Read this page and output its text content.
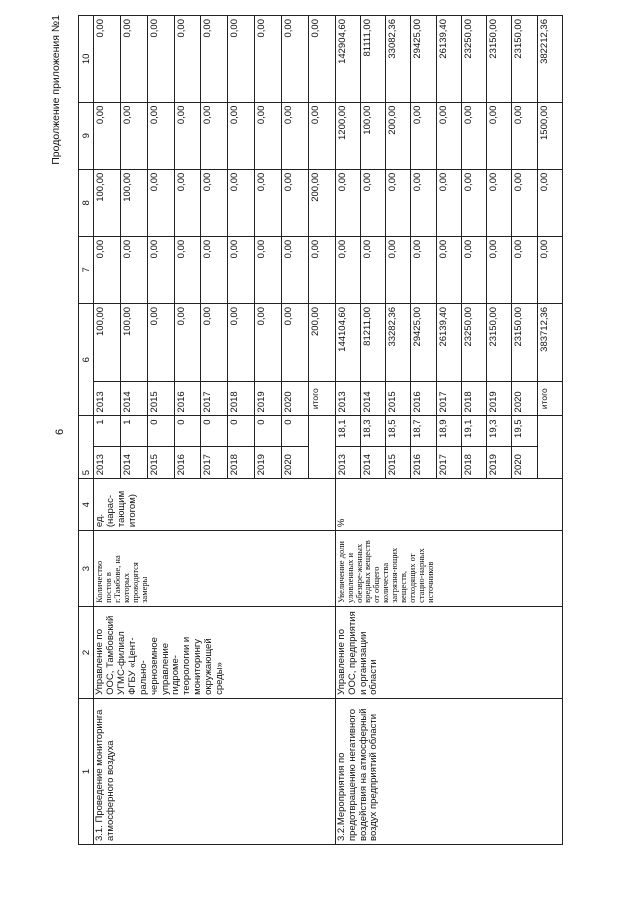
6
Продолжение приложения №1
1	2	3	4	5		6		7	8	9	10
3.1. Проведение мониторинга атмосферного воздуха	Управление по ООС, Тамбовский УГМС-филиал ФГБУ «Цент-рально-черноземное управление гидроме-теорологии и мониторингу окружающей среды»	Количество постов в г.Тамбове, на которых проводятся замеры	ед. (нарас-тающим итогом)	2013	1	2013	100,00	0,00	100,00	0,00	0,00
				2014	1	2014	100,00	0,00	100,00	0,00	0,00
				2015	0	2015	0,00	0,00	0,00	0,00	0,00
				2016	0	2016	0,00	0,00	0,00	0,00	0,00
				2017	0	2017	0,00	0,00	0,00	0,00	0,00
				2018	0	2018	0,00	0,00	0,00	0,00	0,00
				2019	0	2019	0,00	0,00	0,00	0,00	0,00
				2020	0	2020	0,00	0,00	0,00	0,00	0,00
						итого	200,00	0,00	200,00	0,00	0,00
3.2.Мероприятия по предотвращению негативного воздействия на атмосферный воздух предприятий области	Управление по ООС, предприятия и организации области	Увеличение доли уловленных и обезвре-женных вредных веществ от общего количества загрязня-ющих веществ, отходящих от стацио-нарных источников	%	2013	18,1	2013	144104,60	0,00	0,00	1200,00	142904,60
				2014	18,3	2014	81211,00	0,00	0,00	100,00	81111,00
				2015	18,5	2015	33282,36	0,00	0,00	200,00	33082,36
				2016	18,7	2016	29425,00	0,00	0,00	0,00	29425,00
				2017	18,9	2017	26139,40	0,00	0,00	0,00	26139,40
				2018	19,1	2018	23250,00	0,00	0,00	0,00	23250,00
				2019	19,3	2019	23150,00	0,00	0,00	0,00	23150,00
				2020	19,5	2020	23150,00	0,00	0,00	0,00	23150,00
						итого	383712,36	0,00	0,00	1500,00	382212,36
